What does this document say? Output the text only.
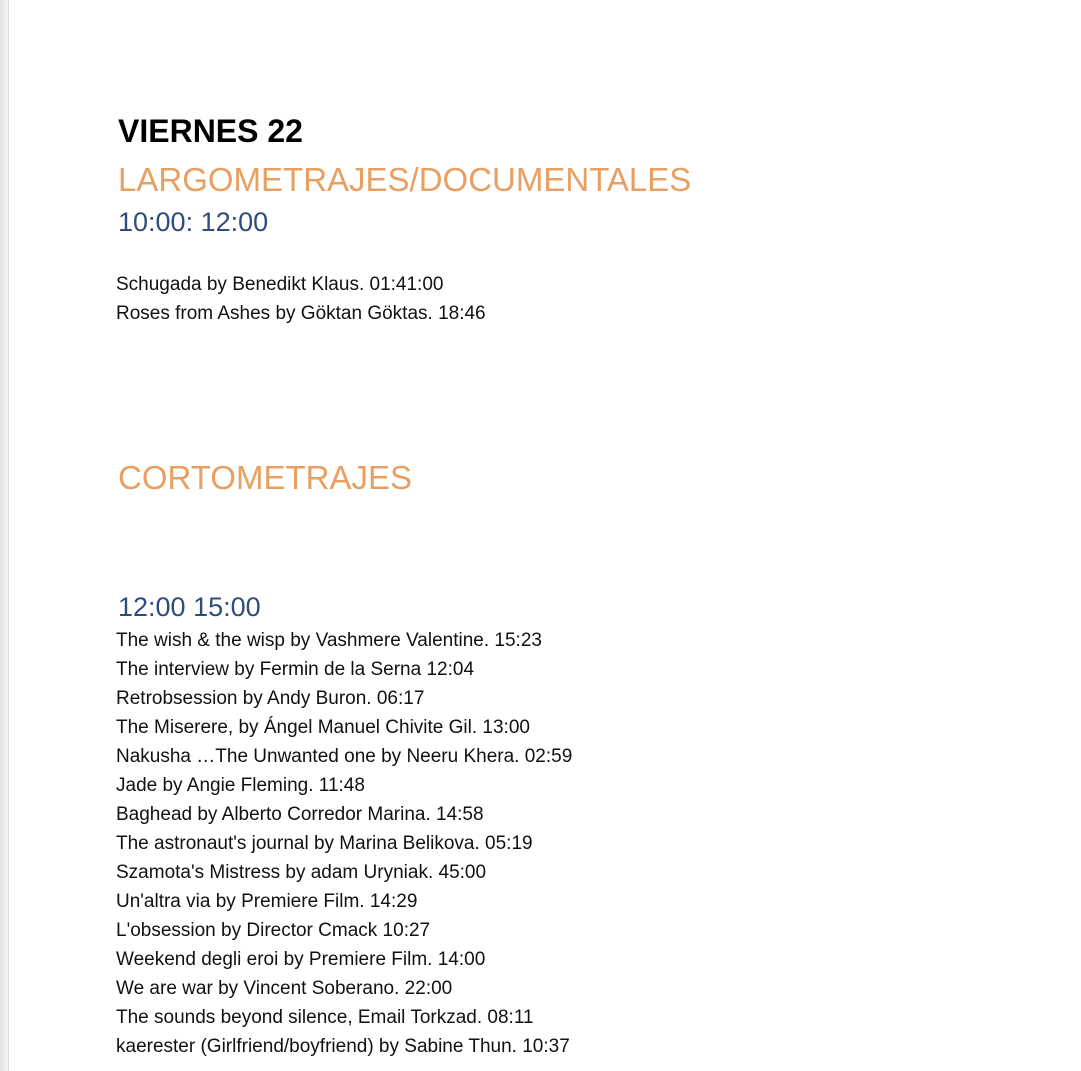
VIERNES 22
LARGOMETRAJES/DOCUMENTALES
10:00: 12:00
Schugada by Benedikt Klaus. 01:41:00
Roses from Ashes by Göktan Göktas. 18:46
CORTOMETRAJES
12:00 15:00
The wish & the wisp by Vashmere Valentine. 15:23
The interview by Fermin de la Serna 12:04
Retrobsession by Andy Buron. 06:17
The Miserere, by Ángel Manuel Chivite Gil. 13:00
Nakusha …The Unwanted one by Neeru Khera. 02:59
Jade by Angie Fleming. 11:48
Baghead by Alberto Corredor Marina. 14:58
The astronaut's journal by Marina Belikova. 05:19
Szamota's Mistress by adam Uryniak. 45:00
Un'altra via by Premiere Film. 14:29
L'obsession by Director Cmack 10:27
Weekend degli eroi by Premiere Film. 14:00
We are war by Vincent Soberano. 22:00
The sounds beyond silence, Email Torkzad. 08:11
kaerester (Girlfriend/boyfriend) by Sabine Thun. 10:37
